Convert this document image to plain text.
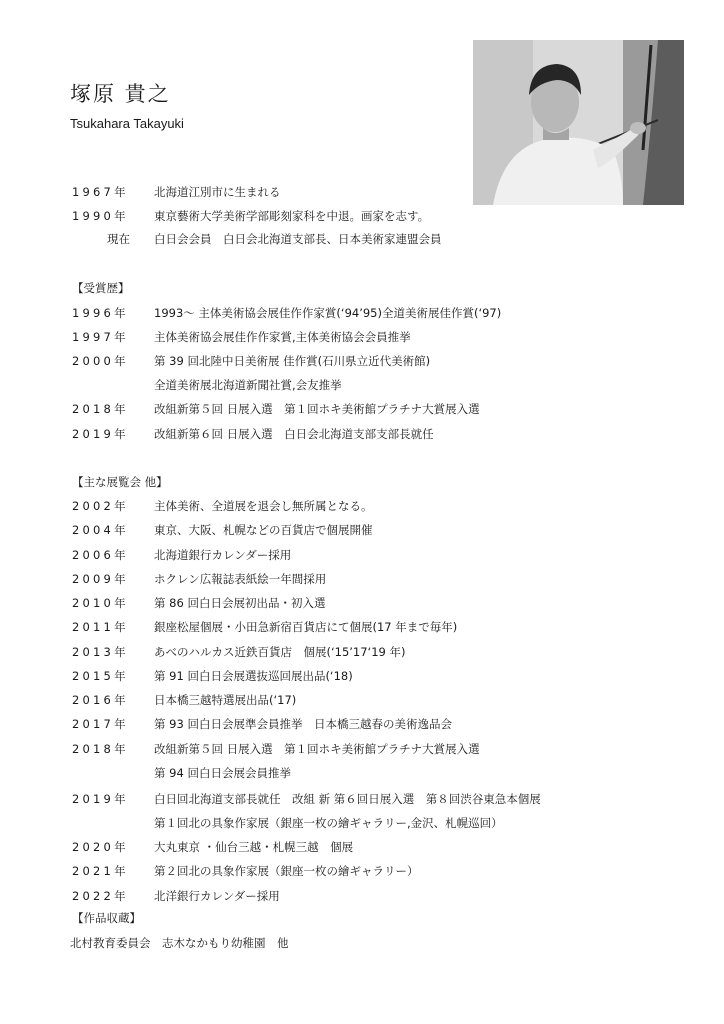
塚原 貴之
Tsukahara Takayuki
1967年 北海道江別市に生まれる
1990年 東京藝術大学美術学部彫刻家科を中退。画家を志す。
現在 白日会会員　白日会北海道支部長、日本美術家連盟会員
【受賞歴】
1996年 1993～ 主体美術協会展佳作作家賞(‘94’95)全道美術展佳作賞(‘97)
1997年 主体美術協会展佳作作家賞,主体美術協会会員推挙
2000年 第 39 回北陸中日美術展 佳作賞(石川県立近代美術館)
全道美術展北海道新聞社賞,会友推挙
2018年 改組新第５回 日展入選　第１回ホキ美術館プラチナ大賞展入選
2019年 改組新第６回 日展入選　白日会北海道支部支部長就任
【主な展覧会 他】
2002年 主体美術、全道展を退会し無所属となる。
2004年 東京、大阪、札幌などの百貨店で個展開催
2006年 北海道銀行カレンダー採用
2009年 ホクレン広報誌表紙絵一年間採用
2010年 第 86 回白日会展初出品・初入選
2011年 銀座松屋個展・小田急新宿百貨店にて個展(17 年まで毎年)
2013年 あべのハルカス近鉄百貨店　個展(‘15’17‘19 年)
2015年 第 91 回白日会展選抜巡回展出品(‘18)
2016年 日本橋三越特選展出品(‘17)
2017年 第 93 回白日会展準会員推挙　日本橋三越春の美術逸品会
2018年 改組新第５回 日展入選　第１回ホキ美術館プラチナ大賞展入選
第 94 回白日会展会員推挙
2019年 白日回北海道支部長就任　改組 新 第６回日展入選　第８回渋谷東急本個展
第１回北の具象作家展（銀座一枚の繪ギャラリー,金沢、札幌巡回）
2020年 大丸東京 ・仙台三越・札幌三越　個展
2021年 第２回北の具象作家展（銀座一枚の繪ギャラリー）
2022年 北洋銀行カレンダー採用
【作品収蔵】
北村教育委員会　志木なかもり幼稚園　他
